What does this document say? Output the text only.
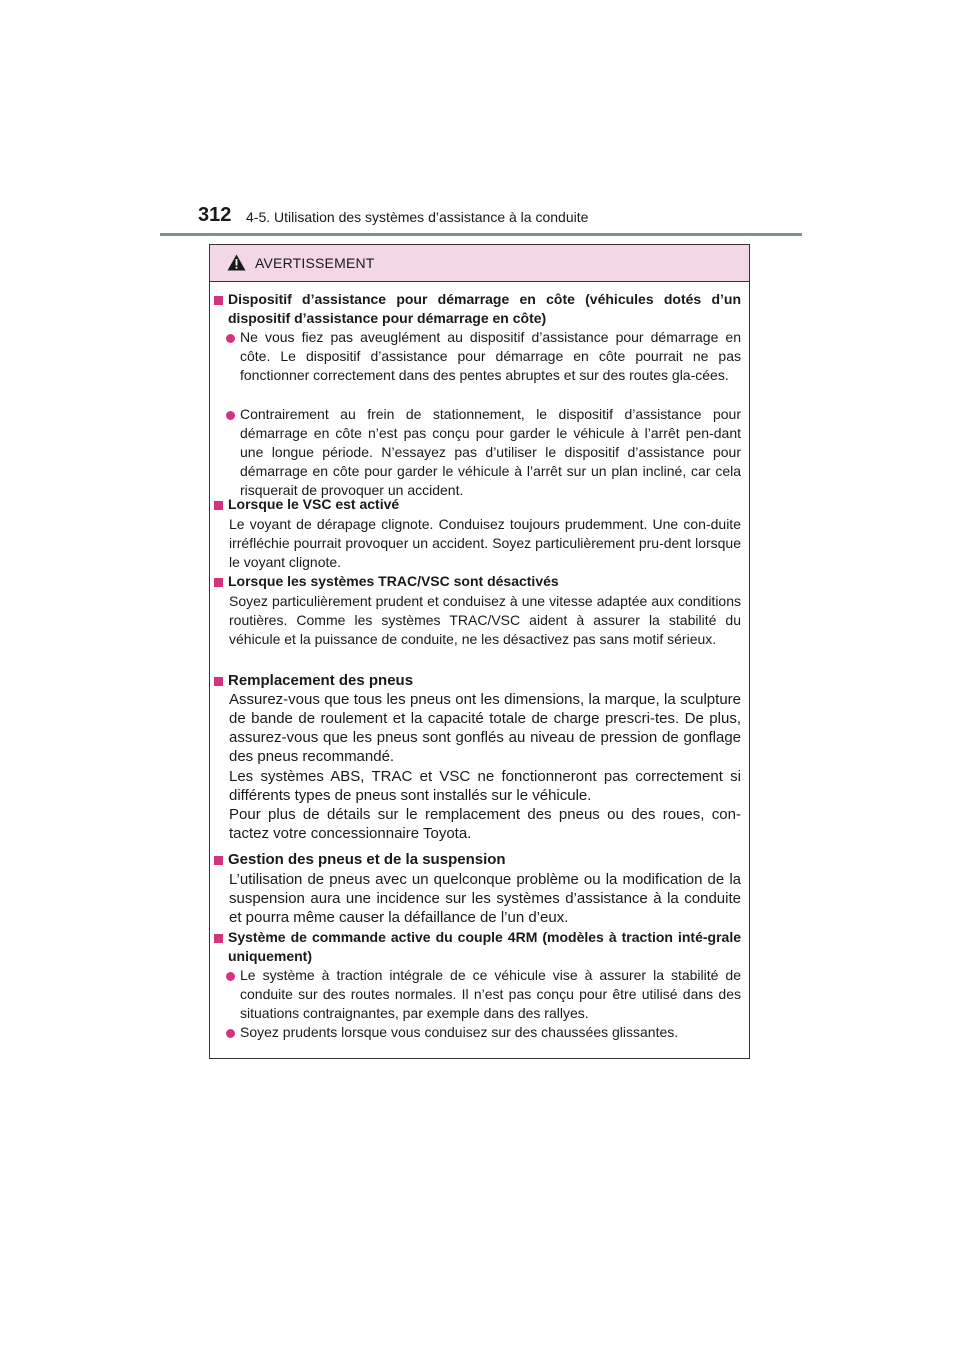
312 4-5. Utilisation des systèmes d’assistance à la conduite
AVERTISSEMENT
Dispositif d’assistance pour démarrage en côte (véhicules dotés d’un dispositif d’assistance pour démarrage en côte)
Ne vous fiez pas aveuglément au dispositif d’assistance pour démarrage en côte. Le dispositif d’assistance pour démarrage en côte pourrait ne pas fonctionner correctement dans des pentes abruptes et sur des routes gla-cées.
Contrairement au frein de stationnement, le dispositif d’assistance pour démarrage en côte n’est pas conçu pour garder le véhicule à l’arrêt pen-dant une longue période. N’essayez pas d’utiliser le dispositif d’assistance pour démarrage en côte pour garder le véhicule à l’arrêt sur un plan incliné, car cela risquerait de provoquer un accident.
Lorsque le VSC est activé
Le voyant de dérapage clignote. Conduisez toujours prudemment. Une con-duite irréfléchie pourrait provoquer un accident. Soyez particulièrement pru-dent lorsque le voyant clignote.
Lorsque les systèmes TRAC/VSC sont désactivés
Soyez particulièrement prudent et conduisez à une vitesse adaptée aux conditions routières. Comme les systèmes TRAC/VSC aident à assurer la stabilité du véhicule et la puissance de conduite, ne les désactivez pas sans motif sérieux.
Remplacement des pneus
Assurez-vous que tous les pneus ont les dimensions, la marque, la sculpture de bande de roulement et la capacité totale de charge prescri-tes. De plus, assurez-vous que les pneus sont gonflés au niveau de pression de gonflage des pneus recommandé.
Les systèmes ABS, TRAC et VSC ne fonctionneront pas correctement si différents types de pneus sont installés sur le véhicule.
Pour plus de détails sur le remplacement des pneus ou des roues, con-tactez votre concessionnaire Toyota.
Gestion des pneus et de la suspension
L’utilisation de pneus avec un quelconque problème ou la modification de la suspension aura une incidence sur les systèmes d’assistance à la conduite et pourra même causer la défaillance de l’un d’eux.
Système de commande active du couple 4RM (modèles à traction inté-grale uniquement)
Le système à traction intégrale de ce véhicule vise à assurer la stabilité de conduite sur des routes normales. Il n’est pas conçu pour être utilisé dans des situations contraignantes, par exemple dans des rallyes.
Soyez prudents lorsque vous conduisez sur des chaussées glissantes.
